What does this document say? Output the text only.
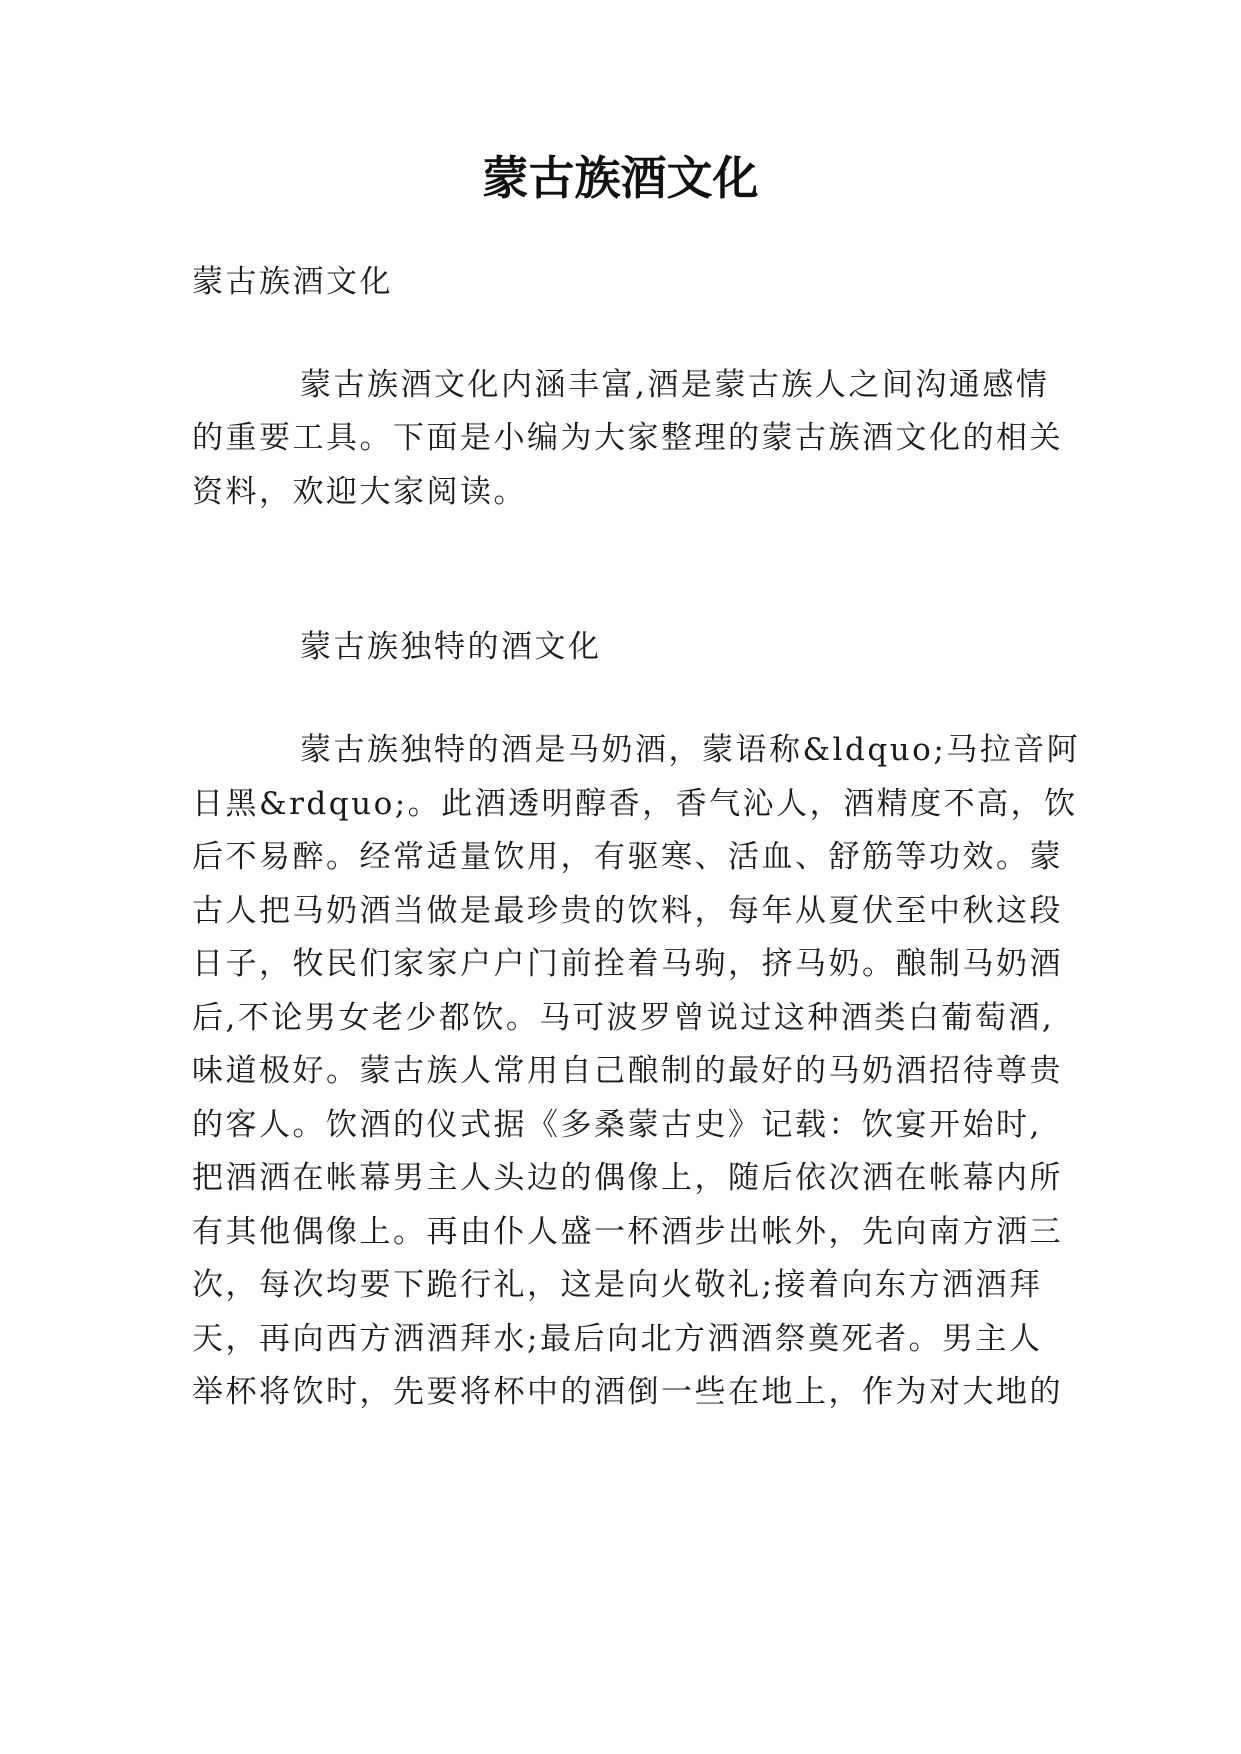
蒙古族酒文化
蒙古族酒文化
蒙古族酒文化内涵丰富,酒是蒙古族人之间沟通感情
的重要工具。下面是小编为大家整理的蒙古族酒文化的相关
资料，欢迎大家阅读。
蒙古族独特的酒文化
蒙古族独特的酒是马奶酒，蒙语称&ldquo;马拉音阿
日黑&rdquo;。此酒透明醇香，香气沁人，酒精度不高，饮
后不易醉。经常适量饮用，有驱寒、活血、舒筋等功效。蒙
古人把马奶酒当做是最珍贵的饮料，每年从夏伏至中秋这段
日子，牧民们家家户户门前拴着马驹，挤马奶。酿制马奶酒
后,不论男女老少都饮。马可波罗曾说过这种酒类白葡萄酒,
味道极好。蒙古族人常用自己酿制的最好的马奶酒招待尊贵
的客人。饮酒的仪式据《多桑蒙古史》记载：饮宴开始时,
把酒洒在帐幕男主人头边的偶像上，随后依次洒在帐幕内所
有其他偶像上。再由仆人盛一杯酒步出帐外，先向南方洒三
次，每次均要下跪行礼，这是向火敬礼;接着向东方洒酒拜
天，再向西方洒酒拜水;最后向北方洒酒祭奠死者。男主人
举杯将饮时，先要将杯中的酒倒一些在地上，作为对大地的
